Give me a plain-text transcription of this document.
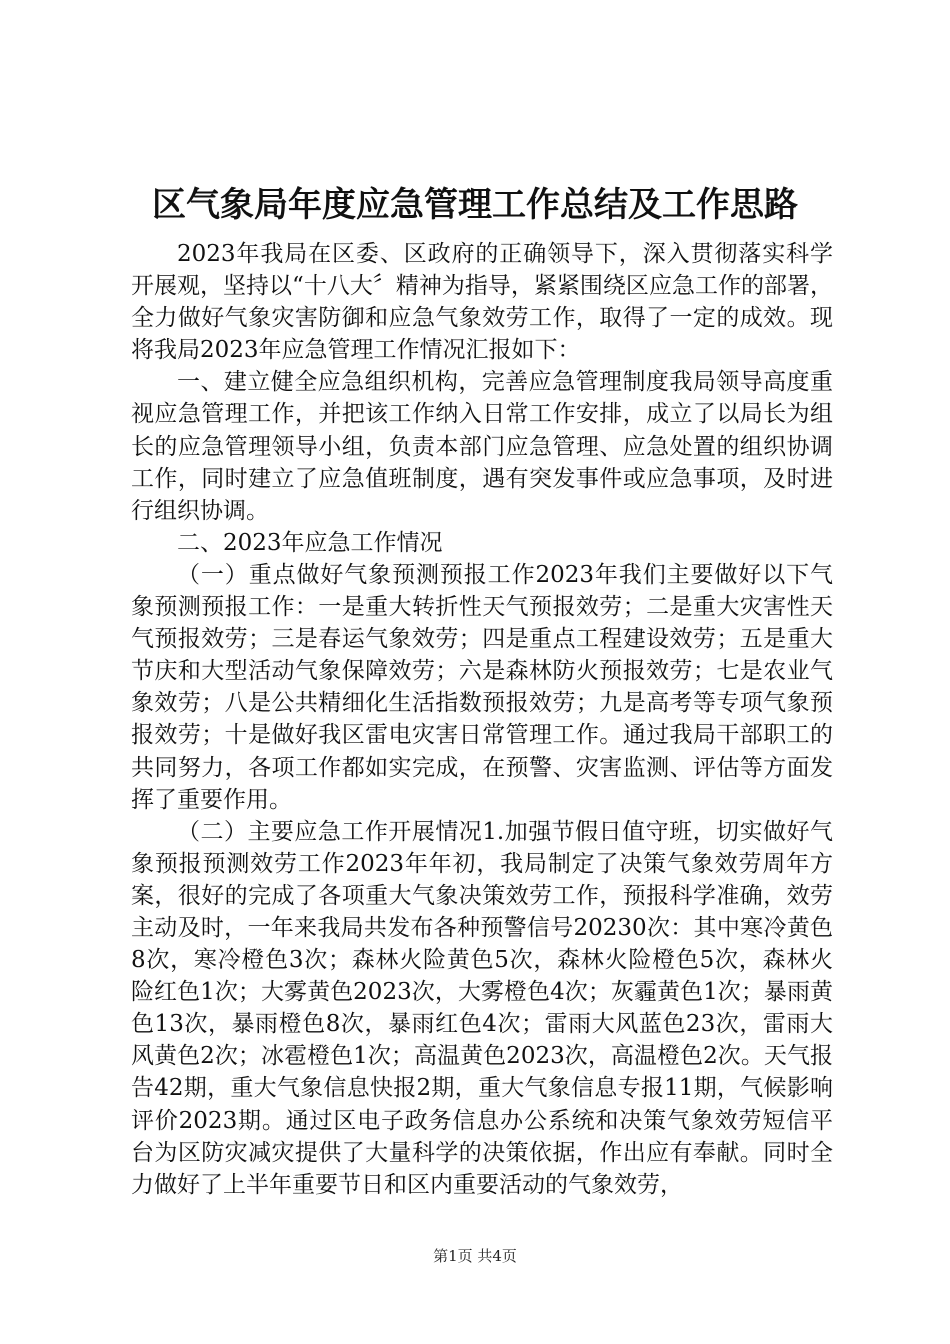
区气象局年度应急管理工作总结及工作思路

2023年我局在区委、区政府的正确领导下，深入贯彻落实科学开展观，坚持以“十八大〞精神为指导，紧紧围绕区应急工作的部署，全力做好气象灾害防御和应急气象效劳工作，取得了一定的成效。现将我局2023年应急管理工作情况汇报如下：

一、建立健全应急组织机构，完善应急管理制度我局领导高度重视应急管理工作，并把该工作纳入日常工作安排，成立了以局长为组长的应急管理领导小组，负责本部门应急管理、应急处置的组织协调工作，同时建立了应急值班制度，遇有突发事件或应急事项，及时进行组织协调。

二、2023年应急工作情况

（一）重点做好气象预测预报工作2023年我们主要做好以下气象预测预报工作：一是重大转折性天气预报效劳；二是重大灾害性天气预报效劳；三是春运气象效劳；四是重点工程建设效劳；五是重大节庆和大型活动气象保障效劳；六是森林防火预报效劳；七是农业气象效劳；八是公共精细化生活指数预报效劳；九是高考等专项气象预报效劳；十是做好我区雷电灾害日常管理工作。通过我局干部职工的共同努力，各项工作都如实完成，在预警、灾害监测、评估等方面发挥了重要作用。

（二）主要应急工作开展情况1.加强节假日值守班，切实做好气象预报预测效劳工作2023年年初，我局制定了决策气象效劳周年方案，很好的完成了各项重大气象决策效劳工作，预报科学准确，效劳主动及时，一年来我局共发布各种预警信号20230次：其中寒冷黄色8次，寒冷橙色3次；森林火险黄色5次，森林火险橙色5次，森林火险红色1次；大雾黄色2023次，大雾橙色4次；灰霾黄色1次；暴雨黄色13次，暴雨橙色8次，暴雨红色4次；雷雨大风蓝色23次，雷雨大风黄色2次；冰雹橙色1次；高温黄色2023次，高温橙色2次。天气报告42期，重大气象信息快报2期，重大气象信息专报11期，气候影响评价2023期。通过区电子政务信息办公系统和决策气象效劳短信平台为区防灾减灾提供了大量科学的决策依据，作出应有奉献。同时全力做好了上半年重要节日和区内重要活动的气象效劳，

第1页 共4页
